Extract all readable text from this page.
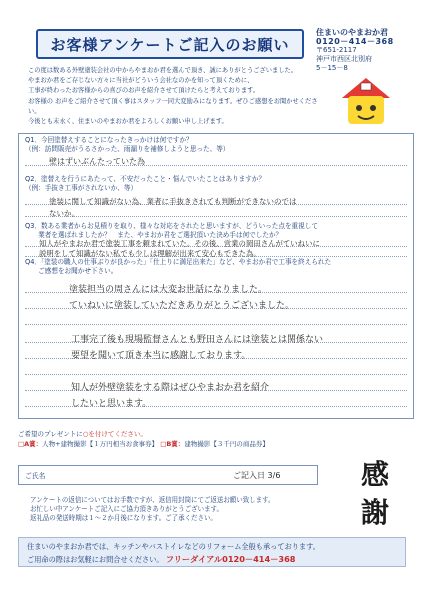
お客様アンケートご記入のお願い
住まいのやまおか君
0120－414－368
〒651-2117
神戸市西区北別府
5－15－8
この度は数ある外壁塗装会社の中からやまおか君を選んで頂き、誠にありがとうございました。
やまおか君をご存じない方々に当社がどういう会社なのかを知って頂くために、
工事が終わったお客様からの喜びのお声を紹介させて頂けたらと考えております。
お客様の お声をご紹介させて頂く事はスタッフ一同大変励みになります。ぜひご感想をお聞かせください。
今後とも末永く、住まいのやまおか君をよろしくお願い申し上げます。
Q1．今回塗替えすることになったきっかけは何ですか？
（例：訪問販売がうるさかった、雨漏りを補修しようと思った、等）
壁はずいぶんたっていた為
Q2．塗替えを行うにあたって、不安だったこと・悩んでいたことはありますか？
（例：手抜き工事がされないか、等）
塗装に関して知識がない為、業者に手抜きされても判断ができないのでは
ないか。
Q3．数ある業者からお見積りを取り、様々な対応をされたと思いますが、どういった点を重視して
　　業者を選ばれましたか？　また、やまおか君をご選択頂いた決め手は何でしたか？
知人がやまおか君で塗装工事を頼まれていた。その後、営業の岡田さんがていねいに
説明をして知識がない私でも少しは理解が出来て安心もできた為。
Q4．「塗装の職人の仕事ぶりが良かった」「仕上りに満足出来た」など、やまおか君で工事を終えられた
　　ご感想をお聞かせ下さい。
塗装担当の周さんには大変お世話になりました。
ていねいに塗装していただきありがとうございました。
工事完了後も現場監督さんとも野田さんには塗装とは関係ない
要望を聞いて頂き本当に感謝しております。
知人が外壁塗装をする際はぜひやまおか君を紹介
したいと思います。
ご希望のプレゼントに○を付けてください。
□A賞：人物+建物撮影【１万円相当お食事券】 □B賞：建物撮影【３千円の商品券】
ご氏名	ご記入日 3/6
アンケートの返信についてはお手数ですが、返信用封筒にてご返送お願い致します。
お忙しい中アンケートご記入にご協力頂きありがとうございます。
返礼品の発送時期は１～２か月後になります。ご了承ください。
感
謝
住まいのやまおか君では、キッチンやバストイレなどのリフォーム全般も承っております。
ご用命の際はお気軽にお問合せください。 フリーダイアル0120－414－368
